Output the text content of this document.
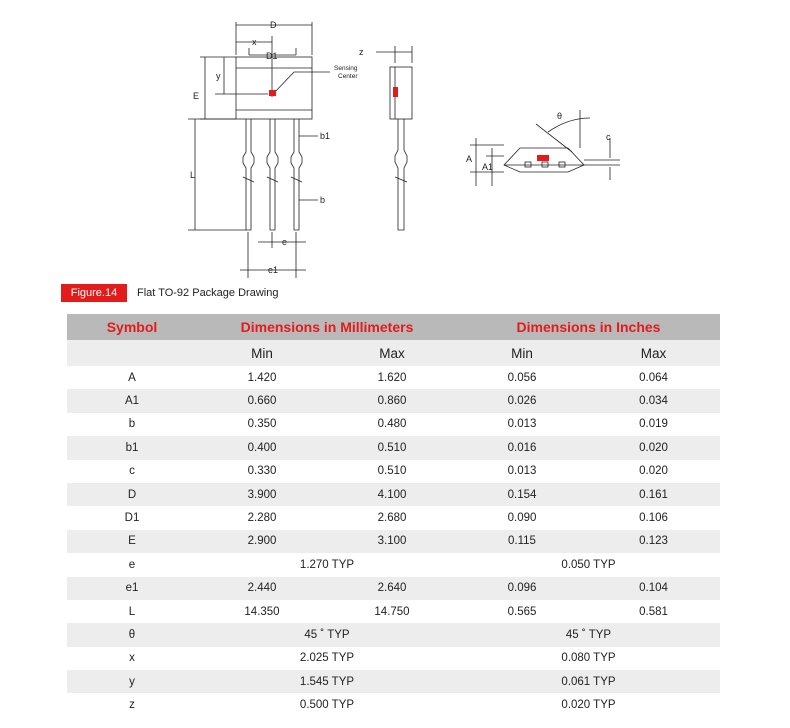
D
x
D1
y
E
L
b1
b
e
e1
z
A
A1
θ
c
Sensing
Center
Figure.14	Flat TO-92 Package Drawing
Symbol	Dimensions in Millimeters		Dimensions in Inches	
	Min	Max	Min	Max
A	1.420	1.620	0.056	0.064
A1	0.660	0.860	0.026	0.034
b	0.350	0.480	0.013	0.019
b1	0.400	0.510	0.016	0.020
c	0.330	0.510	0.013	0.020
D	3.900	4.100	0.154	0.161
D1	2.280	2.680	0.090	0.106
E	2.900	3.100	0.115	0.123
e	1.270 TYP		0.050 TYP	
e1	2.440	2.640	0.096	0.104
L	14.350	14.750	0.565	0.581
θ	45 ˚ TYP		45 ˚ TYP	
x	2.025 TYP		0.080 TYP	
y	1.545 TYP		0.061 TYP	
z	0.500 TYP		0.020 TYP	
